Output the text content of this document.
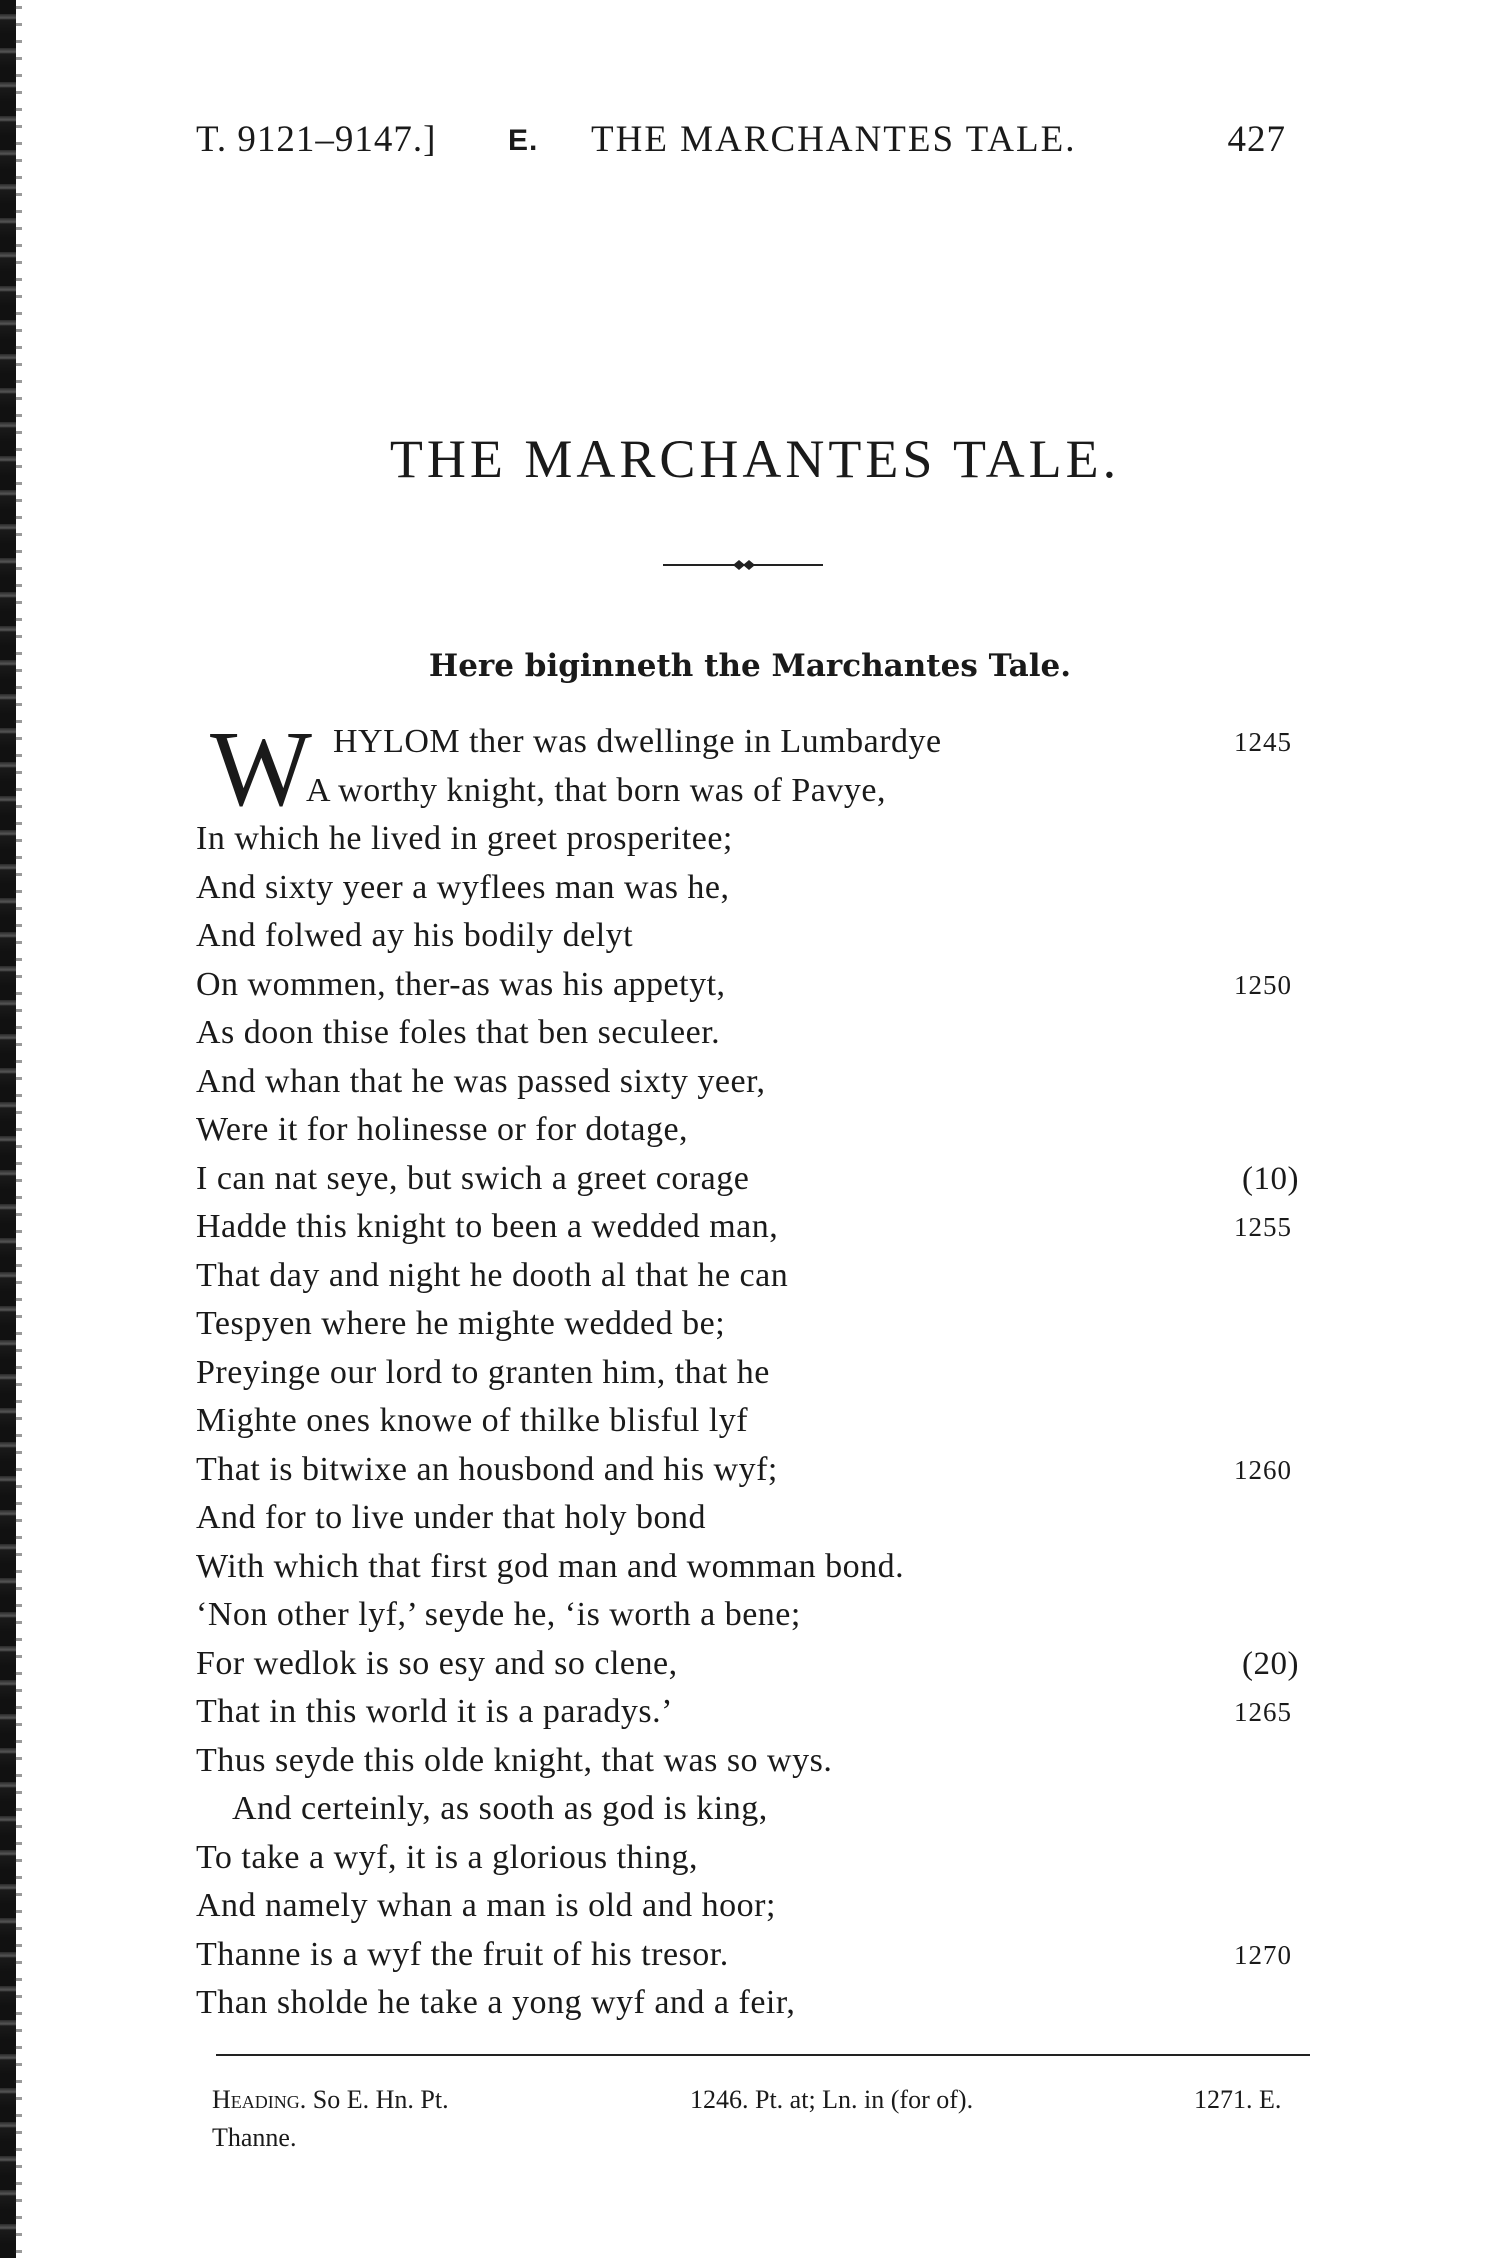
T. 9121–9147.] E. THE MARCHANTES TALE.	427
THE MARCHANTES TALE.
Here biginneth the Marchantes Tale.
W HYLOM ther was dwellinge in Lumbardye	1245
A worthy knight, that born was of Pavye,
In which he lived in greet prosperitee;
And sixty yeer a wyflees man was he,
And folwed ay his bodily delyt
On wommen, ther-as was his appetyt,	1250
As doon thise foles that ben seculeer.
And whan that he was passed sixty yeer,
Were it for holinesse or for dotage,
I can nat seye, but swich a greet corage	(10)
Hadde this knight to been a wedded man,	1255
That day and night he dooth al that he can
Tespyen where he mighte wedded be;
Preyinge our lord to granten him, that he
Mighte ones knowe of thilke blisful lyf
That is bitwixe an housbond and his wyf;	1260
And for to live under that holy bond
With which that first god man and womman bond.
‘Non other lyf,’ seyde he, ‘is worth a bene;
For wedlok is so esy and so clene,	(20)
That in this world it is a paradys.’	1265
Thus seyde this olde knight, that was so wys.
And certeinly, as sooth as god is king,
To take a wyf, it is a glorious thing,
And namely whan a man is old and hoor;
Thanne is a wyf the fruit of his tresor.	1270
Than sholde he take a yong wyf and a feir,
Heading. So E. Hn. Pt.	1246. Pt. at; Ln. in (for of).	1271. E.
Thanne.
